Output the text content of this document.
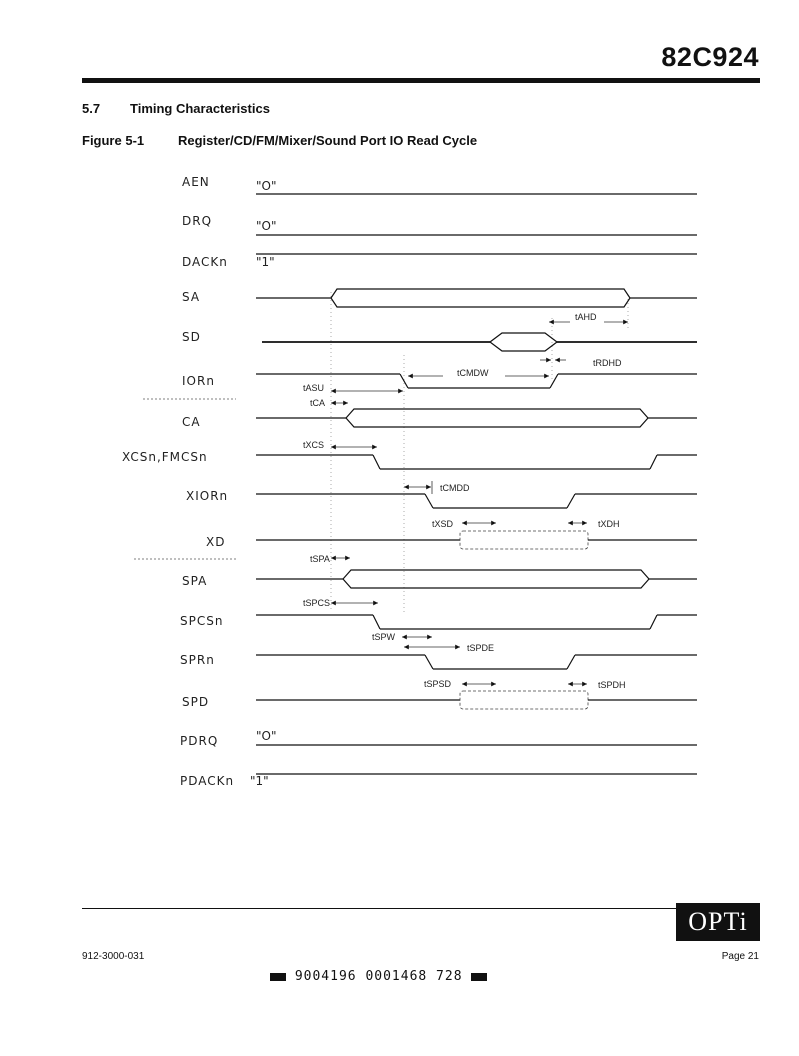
82C924
5.7 Timing Characteristics
Figure 5-1	Register/CD/FM/Mixer/Sound Port IO Read Cycle
AEN	"O"
DRQ	"O"
DACKn "1"
SA
tAHD
SD
tRDHD
IORn
tCMDW
tASU
tCA
CA
tXCS
XCSn,FMCSn
tCMDD
XIORn
tXSD	tXDH
XD
tSPA
SPA
tSPCS
SPCSn
tSPW
tSPDE
SPRn
tSPSD	tSPDH
SPD
PDRQ	"O"
PDACKn "1"
OPTi
912-3000-031	Page 21
9004196 0001468 728
